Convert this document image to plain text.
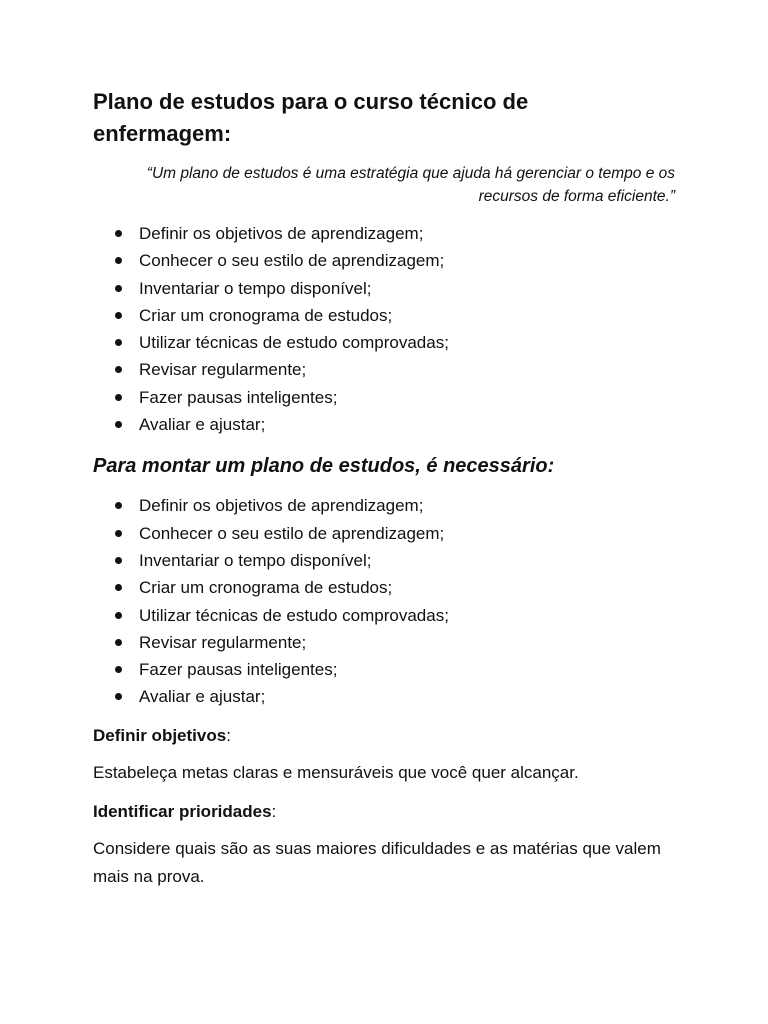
Plano de estudos para o curso técnico de enfermagem:

“Um plano de estudos é uma estratégia que ajuda há gerenciar o tempo e os
recursos de forma eficiente.”

Definir os objetivos de aprendizagem;
Conhecer o seu estilo de aprendizagem;
Inventariar o tempo disponível;
Criar um cronograma de estudos;
Utilizar técnicas de estudo comprovadas;
Revisar regularmente;
Fazer pausas inteligentes;
Avaliar e ajustar;
Para montar um plano de estudos, é necessário:
Definir os objetivos de aprendizagem;
Conhecer o seu estilo de aprendizagem;
Inventariar o tempo disponível;
Criar um cronograma de estudos;
Utilizar técnicas de estudo comprovadas;
Revisar regularmente;
Fazer pausas inteligentes;
Avaliar e ajustar;

Definir objetivos:

Estabeleça metas claras e mensuráveis que você quer alcançar.

Identificar prioridades:

Considere quais são as suas maiores dificuldades e as matérias que valem mais na prova.
